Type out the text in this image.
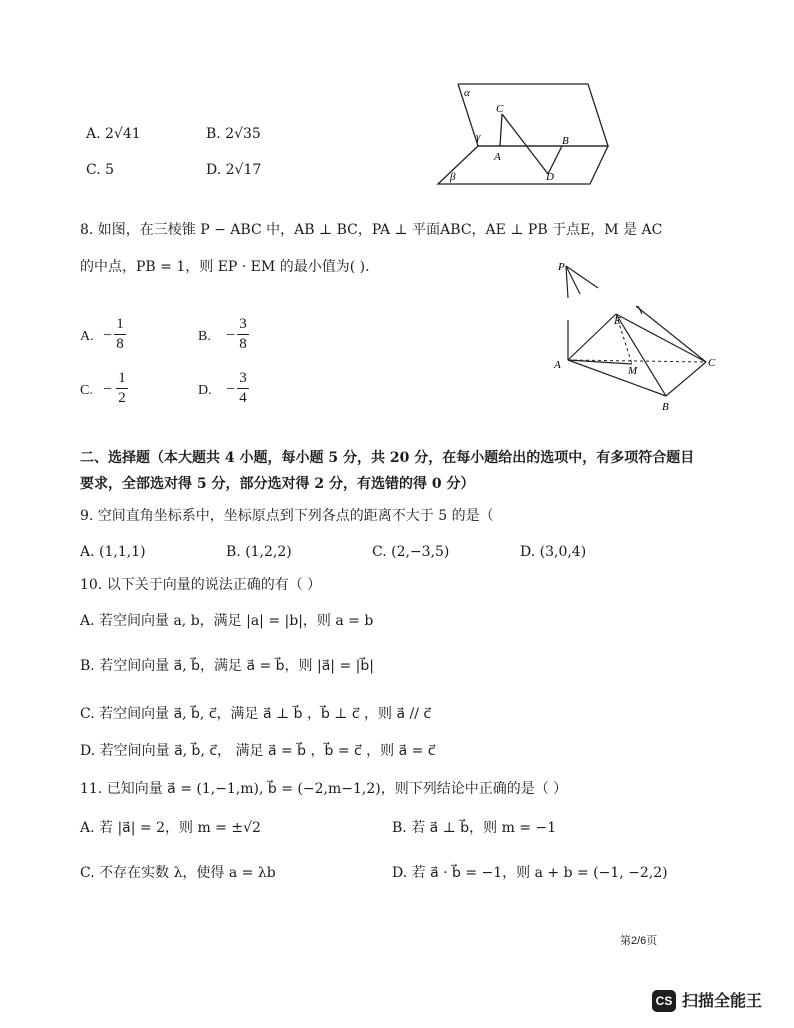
A. 2√41	B. 2√35
C. 5	D. 2√17
α
β
γ
C
A
B
D
8. 如图，在三棱锥 P − ABC 中，AB ⊥ BC，PA ⊥ 平面ABC，AE ⊥ PB 于点E，M 是 AC
的中点，PB = 1，则 EP · EM 的最小值为( ).
A. −
1
8	B. −
3
8
C. −
1
2	D. −
3
4
P
E
A	M
C
B
二、选择题（本大题共 4 小题，每小题 5 分，共 20 分，在每小题给出的选项中，有多项符合题目
要求，全部选对得 5 分，部分选对得 2 分，有选错的得 0 分）
9. 空间直角坐标系中，坐标原点到下列各点的距离不大于 5 的是（
A. (1,1,1)	B. (1,2,2)	C. (2,−3,5)	D. (3,0,4)
10. 以下关于向量的说法正确的有（ ）
A. 若空间向量 a, b，满足 |a| = |b|，则 a = b
B. 若空间向量 a⃗, b⃗，满足 a⃗ = b⃗，则 |a⃗| = |b⃗|
C. 若空间向量 a⃗, b⃗, c⃗，满足 a⃗ ⊥ b⃗ ，b⃗ ⊥ c⃗ ，则 a⃗ // c⃗
D. 若空间向量 a⃗, b⃗, c⃗， 满足 a⃗ = b⃗ ，b⃗ = c⃗ ，则 a⃗ = c⃗
11. 已知向量 a⃗ = (1,−1,m), b⃗ = (−2,m−1,2)，则下列结论中正确的是（ ）
A. 若 |a⃗| = 2，则 m = ±√2	B. 若 a⃗ ⊥ b⃗，则 m = −1
C. 不存在实数 λ，使得 a = λb	D. 若 a⃗ · b⃗ = −1，则 a + b = (−1, −2,2)
第2/6页
CS 扫描全能王
